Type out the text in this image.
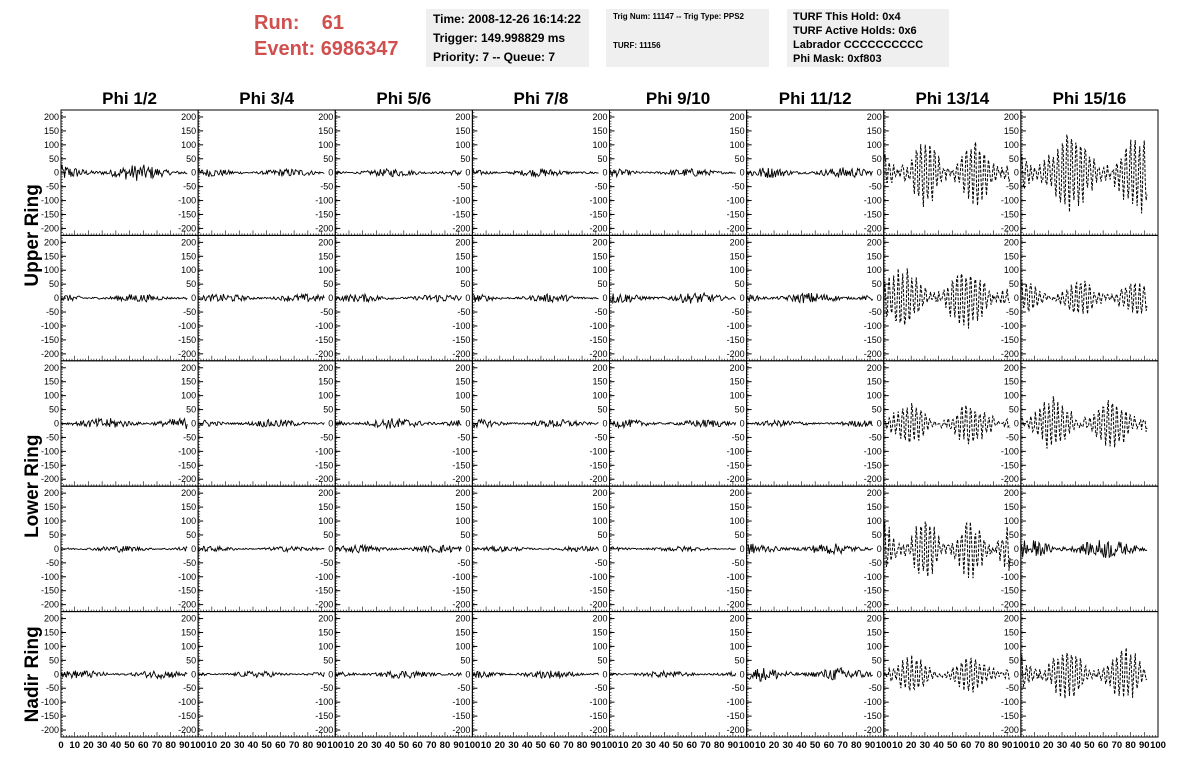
Run: 61
Event: 6986347
Time: 2008-12-26 16:14:22
Trigger: 149.998829 ms
Priority: 7 -- Queue: 7
Trig Num: 11147 -- Trig Type: PPS2
TURF: 11156
TURF This Hold: 0x4
TURF Active Holds: 0x6
Labrador CCCCCCCCCC
Phi Mask: 0xf803
Phi 1/2	Phi 3/4	Phi 5/6	Phi 7/8	Phi 9/10	Phi 11/12	Phi 13/14	Phi 15/16
Upper Ring
Lower Ring
Nadir Ring
-200
-150
-100
-50
0
50
100
150
200
-200
-150
-100
-50
0
50
100
150
200
-200
-150
-100
-50
0
50
100
150
200
-200
-150
-100
-50
0
50
100
150
200
-200
-150
-100
-50
0
50
100
150
200
-200
-150
-100
-50
0
50
100
150
200
-200
-150
-100
-50
0
50
100
150
200
-200
-150
-100
-50
0
50
100
150
200
-200
-150
-100
-50
0
50
100
150
200
-200
-150
-100
-50
0
50
100
150
200
-200
-150
-100
-50
0
50
100
150
200
-200
-150
-100
-50
0
50
100
150
200
-200
-150
-100
-50
0
50
100
150
200
-200
-150
-100
-50
0
50
100
150
200
-200
-150
-100
-50
0
50
100
150
200
-200
-150
-100
-50
0
50
100
150
200
-200
-150
-100
-50
0
50
100
150
200
-200
-150
-100
-50
0
50
100
150
200
-200
-150
-100
-50
0
50
100
150
200
-200
-150
-100
-50
0
50
100
150
200
-200
-150
-100
-50
0
50
100
150
200
-200
-150
-100
-50
0
50
100
150
200
-200
-150
-100
-50
0
50
100
150
200
-200
-150
-100
-50
0
50
100
150
200
-200
-150
-100
-50
0
50
100
150
200
-200
-150
-100
-50
0
50
100
150
200
-200
-150
-100
-50
0
50
100
150
200
-200
-150
-100
-50
0
50
100
150
200
-200
-150
-100
-50
0
50
100
150
200
-200
-150
-100
-50
0
50
100
150
200
-200
-150
-100
-50
0
50
100
150
200
-200
-150
-100
-50
0
50
100
150
200
-200
-150
-100
-50
0
50
100
150
200
-200
-150
-100
-50
0
50
100
150
200
-200
-150
-100
-50
0
50
100
150
200
-200
-150
-100
-50
0
50
100
150
200
-200
-150
-100
-50
0
50
100
150
200
-200
-150
-100
-50
0
50
100
150
200
-200
-150
-100
-50
0
50
100
150
200
-200
-150
-100
-50
0
50
100
150
200
0 10 20 30 40 50 60 70 80 90 100 10 20 30 40 50 60 70 80 90 100 10 20 30 40 50 60 70 80 90 100 10 20 30 40 50 60 70 80 90 100 10 20 30 40 50 60 70 80 90 100 10 20 30 40 50 60 70 80 90 100 10 20 30 40 50 60 70 80 90 100 10 20 30 40 50 60 70 80 90 100
